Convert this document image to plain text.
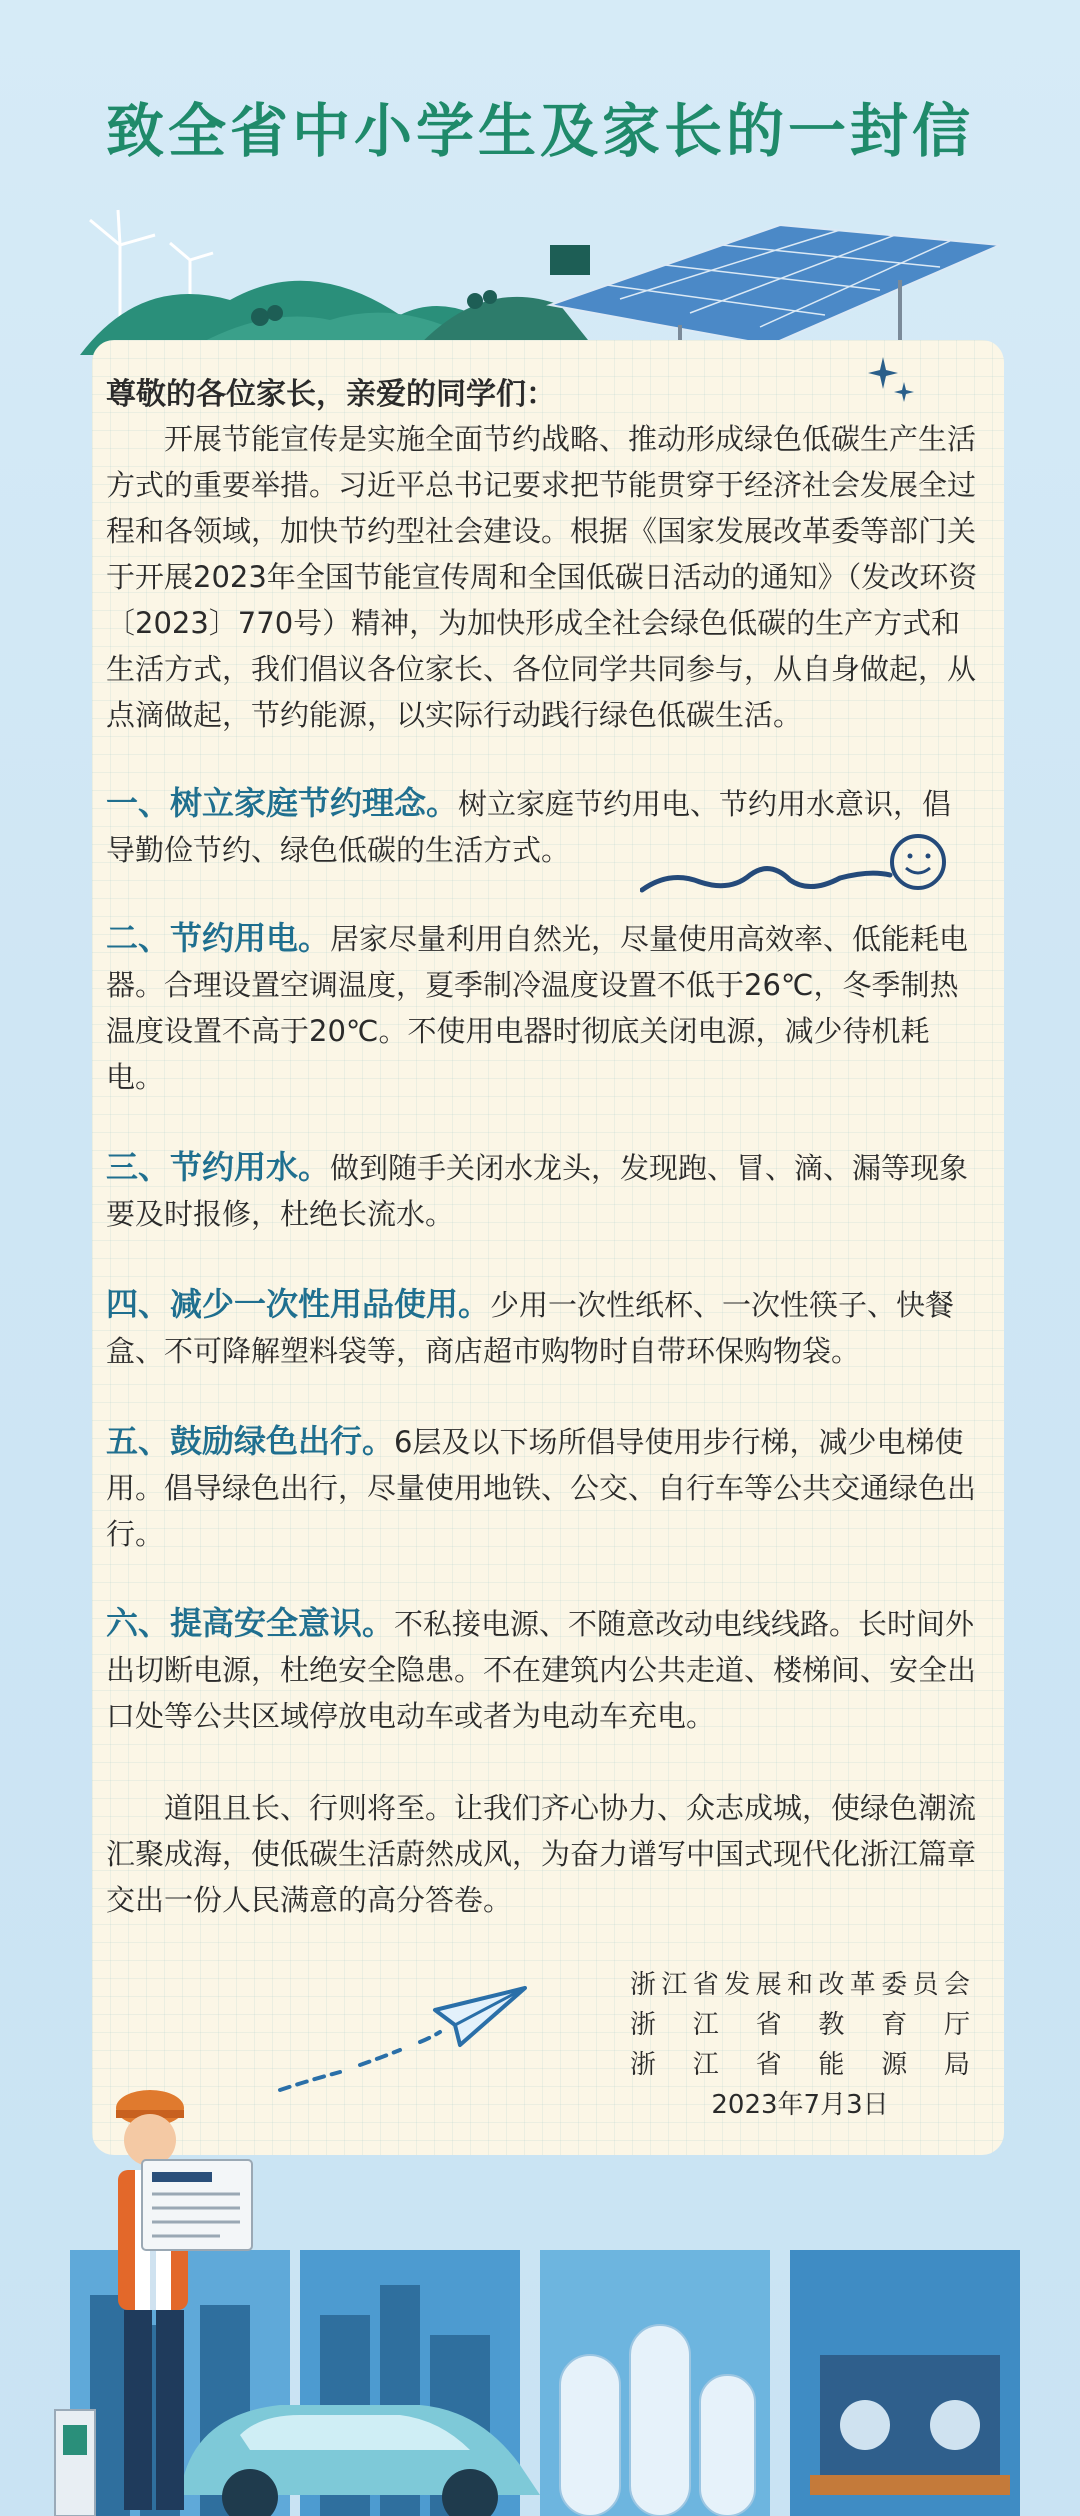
致全省中小学生及家长的一封信
尊敬的各位家长，亲爱的同学们：
开展节能宣传是实施全面节约战略、推动形成绿色低碳生产生活方式的重要举措。习近平总书记要求把节能贯穿于经济社会发展全过程和各领域，加快节约型社会建设。根据《国家发展改革委等部门关于开展2023年全国节能宣传周和全国低碳日活动的通知》（发改环资〔2023〕770号）精神，为加快形成全社会绿色低碳的生产方式和生活方式，我们倡议各位家长、各位同学共同参与，从自身做起，从点滴做起，节约能源，以实际行动践行绿色低碳生活。

一、树立家庭节约理念。树立家庭节约用电、节约用水意识，倡导勤俭节约、绿色低碳的生活方式。

二、节约用电。居家尽量利用自然光，尽量使用高效率、低能耗电器。合理设置空调温度，夏季制冷温度设置不低于26℃，冬季制热温度设置不高于20℃。不使用电器时彻底关闭电源，减少待机耗电。

三、节约用水。做到随手关闭水龙头，发现跑、冒、滴、漏等现象要及时报修，杜绝长流水。

四、减少一次性用品使用。少用一次性纸杯、一次性筷子、快餐盒、不可降解塑料袋等，商店超市购物时自带环保购物袋。

五、鼓励绿色出行。6层及以下场所倡导使用步行梯，减少电梯使用。倡导绿色出行，尽量使用地铁、公交、自行车等公共交通绿色出行。

六、提高安全意识。不私接电源、不随意改动电线线路。长时间外出切断电源，杜绝安全隐患。不在建筑内公共走道、楼梯间、安全出口处等公共区域停放电动车或者为电动车充电。

道阻且长、行则将至。让我们齐心协力、众志成城，使绿色潮流汇聚成海，使低碳生活蔚然成风，为奋力谱写中国式现代化浙江篇章交出一份人民满意的高分答卷。
浙江省发展和改革委员会
浙江省教育厅
浙江省能源局
2023年7月3日
